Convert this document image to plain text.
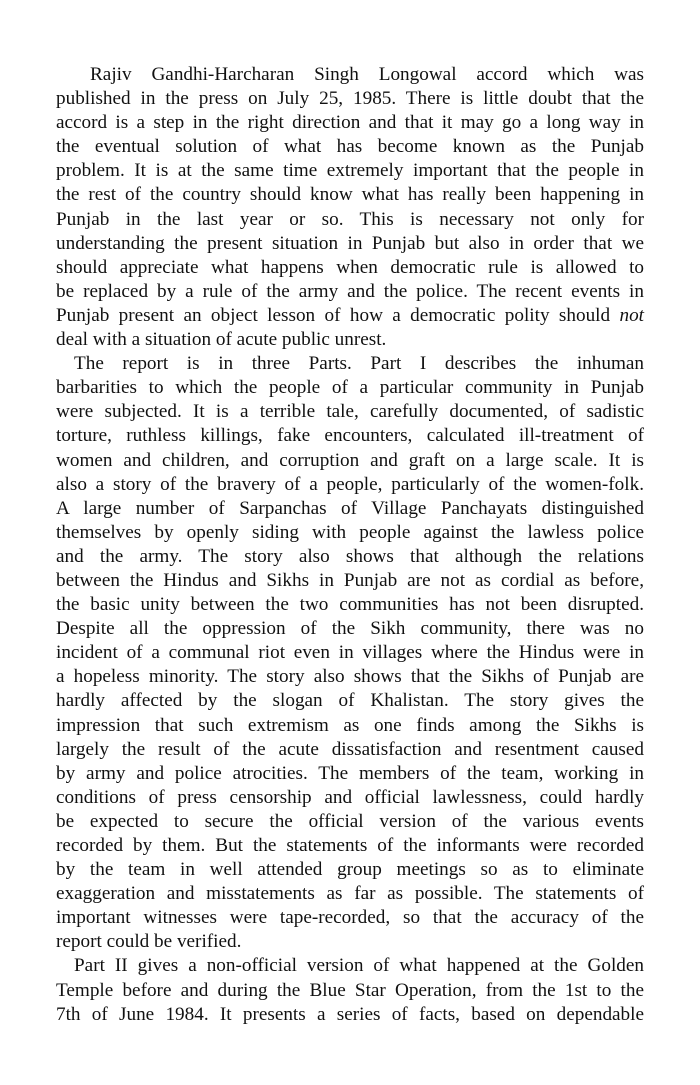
Rajiv Gandhi-Harcharan Singh Longowal accord which was
published in the press on July 25, 1985. There is little doubt that the
accord is a step in the right direction and that it may go a long way in
the eventual solution of what has become known as the Punjab
problem. It is at the same time extremely important that the people in
the rest of the country should know what has really been happening in
Punjab in the last year or so. This is necessary not only for
understanding the present situation in Punjab but also in order that we
should appreciate what happens when democratic rule is allowed to
be replaced by a rule of the army and the police. The recent events in
Punjab present an object lesson of how a democratic polity should not
deal with a situation of acute public unrest.
The report is in three Parts. Part I describes the inhuman
barbarities to which the people of a particular community in Punjab
were subjected. It is a terrible tale, carefully documented, of sadistic
torture, ruthless killings, fake encounters, calculated ill-treatment of
women and children, and corruption and graft on a large scale. It is
also a story of the bravery of a people, particularly of the women-folk.
A large number of Sarpanchas of Village Panchayats distinguished
themselves by openly siding with people against the lawless police
and the army. The story also shows that although the relations
between the Hindus and Sikhs in Punjab are not as cordial as before,
the basic unity between the two communities has not been disrupted.
Despite all the oppression of the Sikh community, there was no
incident of a communal riot even in villages where the Hindus were in
a hopeless minority. The story also shows that the Sikhs of Punjab are
hardly affected by the slogan of Khalistan. The story gives the
impression that such extremism as one finds among the Sikhs is
largely the result of the acute dissatisfaction and resentment caused
by army and police atrocities. The members of the team, working in
conditions of press censorship and official lawlessness, could hardly
be expected to secure the official version of the various events
recorded by them. But the statements of the informants were recorded
by the team in well attended group meetings so as to eliminate
exaggeration and misstatements as far as possible. The statements of
important witnesses were tape-recorded, so that the accuracy of the
report could be verified.
Part II gives a non-official version of what happened at the Golden
Temple before and during the Blue Star Operation, from the 1st to the
7th of June 1984. It presents a series of facts, based on dependable
